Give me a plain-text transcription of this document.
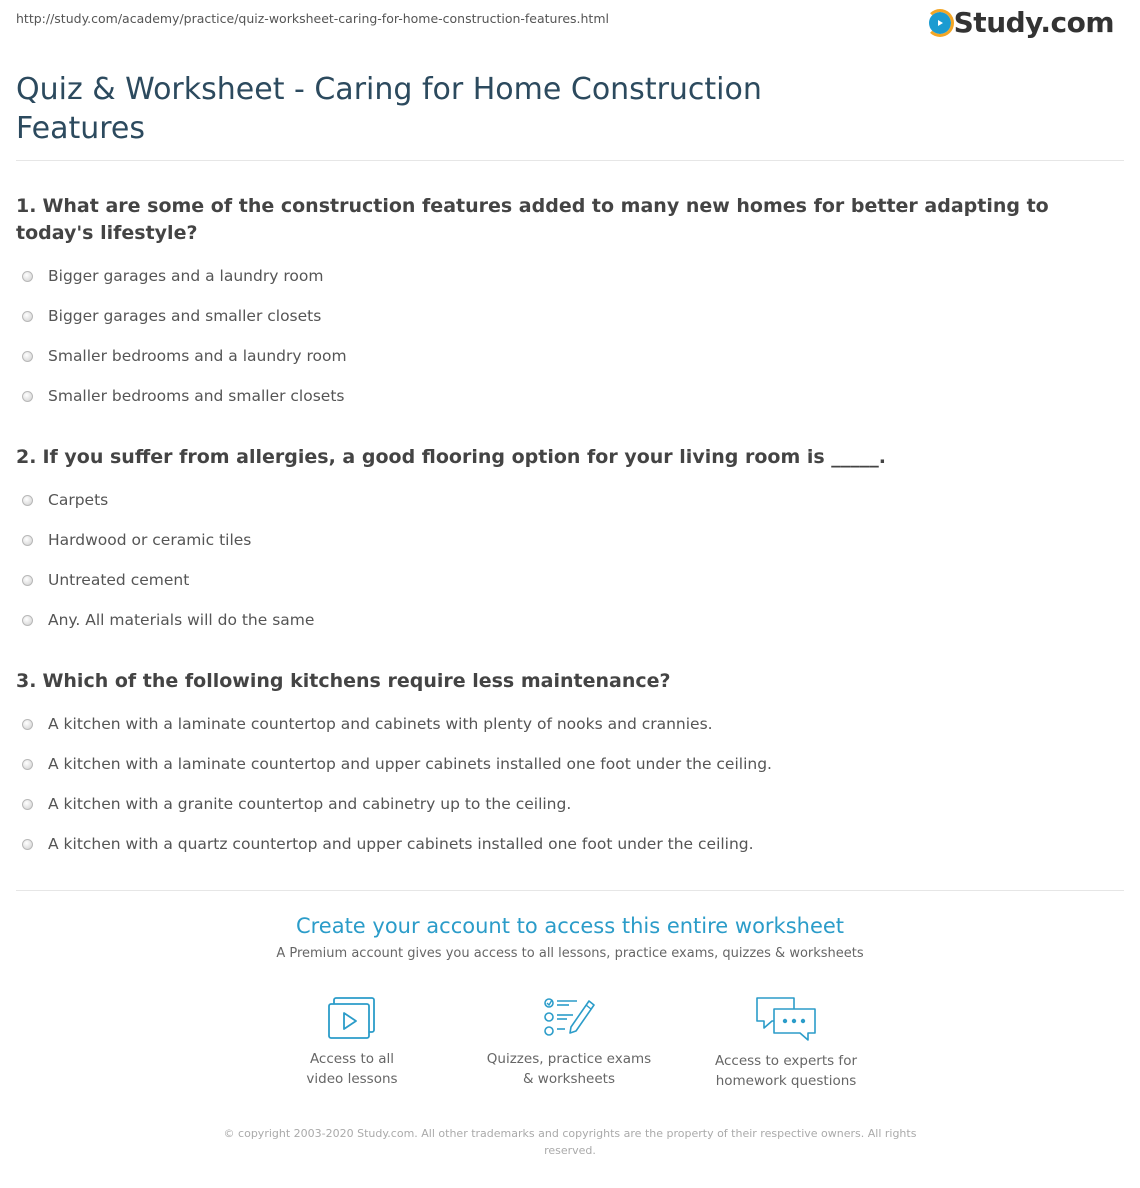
http://study.com/academy/practice/quiz-worksheet-caring-for-home-construction-features.html	Study.com
Quiz & Worksheet - Caring for Home Construction Features
1. What are some of the construction features added to many new homes for better adapting to today's lifestyle?
Bigger garages and a laundry room
Bigger garages and smaller closets
Smaller bedrooms and a laundry room
Smaller bedrooms and smaller closets
2. If you suffer from allergies, a good flooring option for your living room is _____.
Carpets
Hardwood or ceramic tiles
Untreated cement
Any. All materials will do the same
3. Which of the following kitchens require less maintenance?
A kitchen with a laminate countertop and cabinets with plenty of nooks and crannies.
A kitchen with a laminate countertop and upper cabinets installed one foot under the ceiling.
A kitchen with a granite countertop and cabinetry up to the ceiling.
A kitchen with a quartz countertop and upper cabinets installed one foot under the ceiling.
Create your account to access this entire worksheet
A Premium account gives you access to all lessons, practice exams, quizzes & worksheets
Access to all
video lessons
Quizzes, practice exams
& worksheets
Access to experts for
homework questions
© copyright 2003-2020 Study.com. All other trademarks and copyrights are the property of their respective owners. All rights reserved.
